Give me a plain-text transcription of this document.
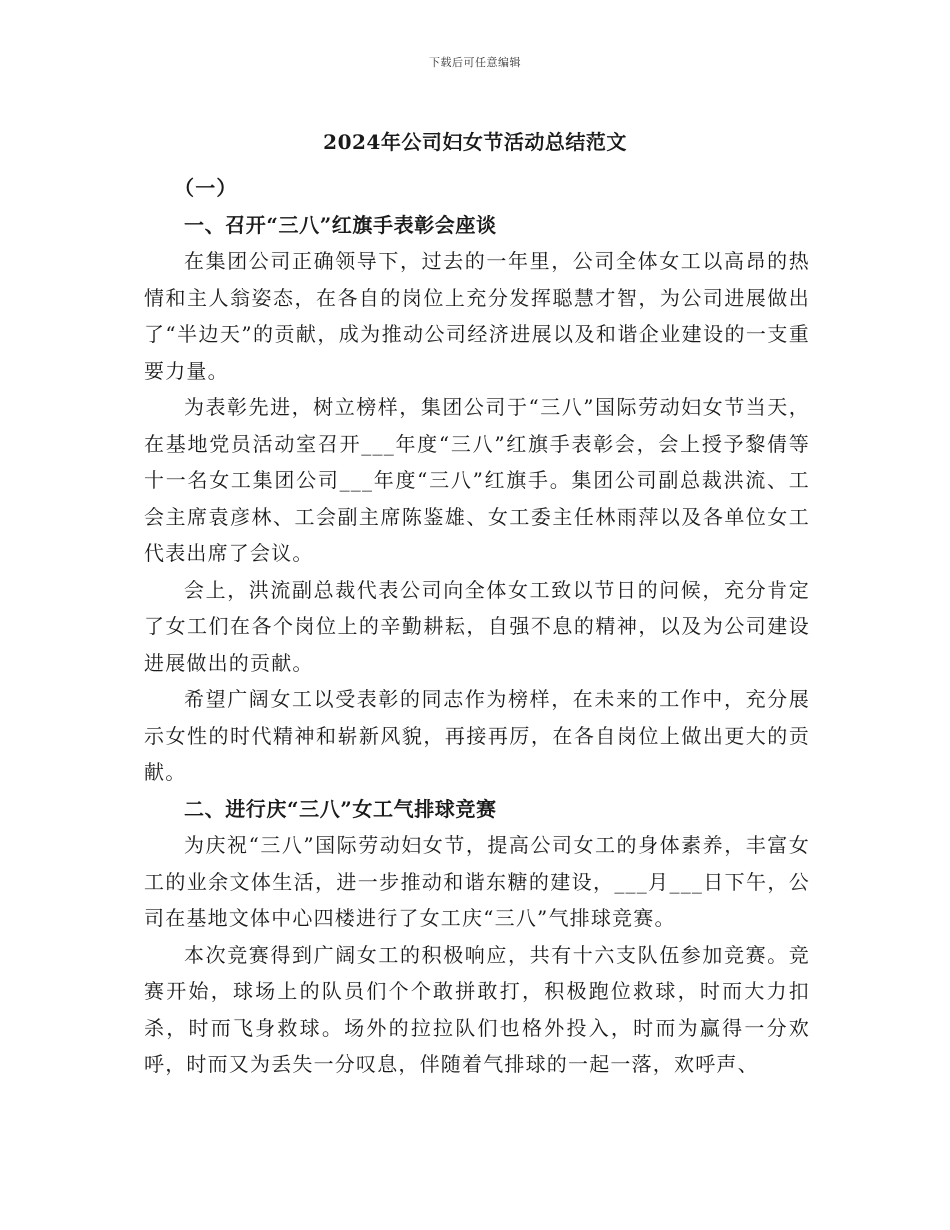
下载后可任意编辑
2024年公司妇女节活动总结范文

（一）

一、召开“三八”红旗手表彰会座谈

在集团公司正确领导下，过去的一年里，公司全体女工以高昂的热情和主人翁姿态，在各自的岗位上充分发挥聪慧才智，为公司进展做出了“半边天”的贡献，成为推动公司经济进展以及和谐企业建设的一支重要力量。

为表彰先进，树立榜样，集团公司于“三八”国际劳动妇女节当天，在基地党员活动室召开___年度“三八”红旗手表彰会，会上授予黎倩等十一名女工集团公司___年度“三八”红旗手。集团公司副总裁洪流、工会主席袁彦林、工会副主席陈鉴雄、女工委主任林雨萍以及各单位女工代表出席了会议。

会上，洪流副总裁代表公司向全体女工致以节日的问候，充分肯定了女工们在各个岗位上的辛勤耕耘，自强不息的精神，以及为公司建设进展做出的贡献。

希望广阔女工以受表彰的同志作为榜样，在未来的工作中，充分展示女性的时代精神和崭新风貌，再接再厉，在各自岗位上做出更大的贡献。

二、进行庆“三八”女工气排球竞赛

为庆祝“三八”国际劳动妇女节，提高公司女工的身体素养，丰富女工的业余文体生活，进一步推动和谐东糖的建设，___月___日下午，公司在基地文体中心四楼进行了女工庆“三八”气排球竞赛。

本次竞赛得到广阔女工的积极响应，共有十六支队伍参加竞赛。竞赛开始，球场上的队员们个个敢拼敢打，积极跑位救球，时而大力扣杀，时而飞身救球。场外的拉拉队们也格外投入，时而为赢得一分欢呼，时而又为丢失一分叹息，伴随着气排球的一起一落，欢呼声、
